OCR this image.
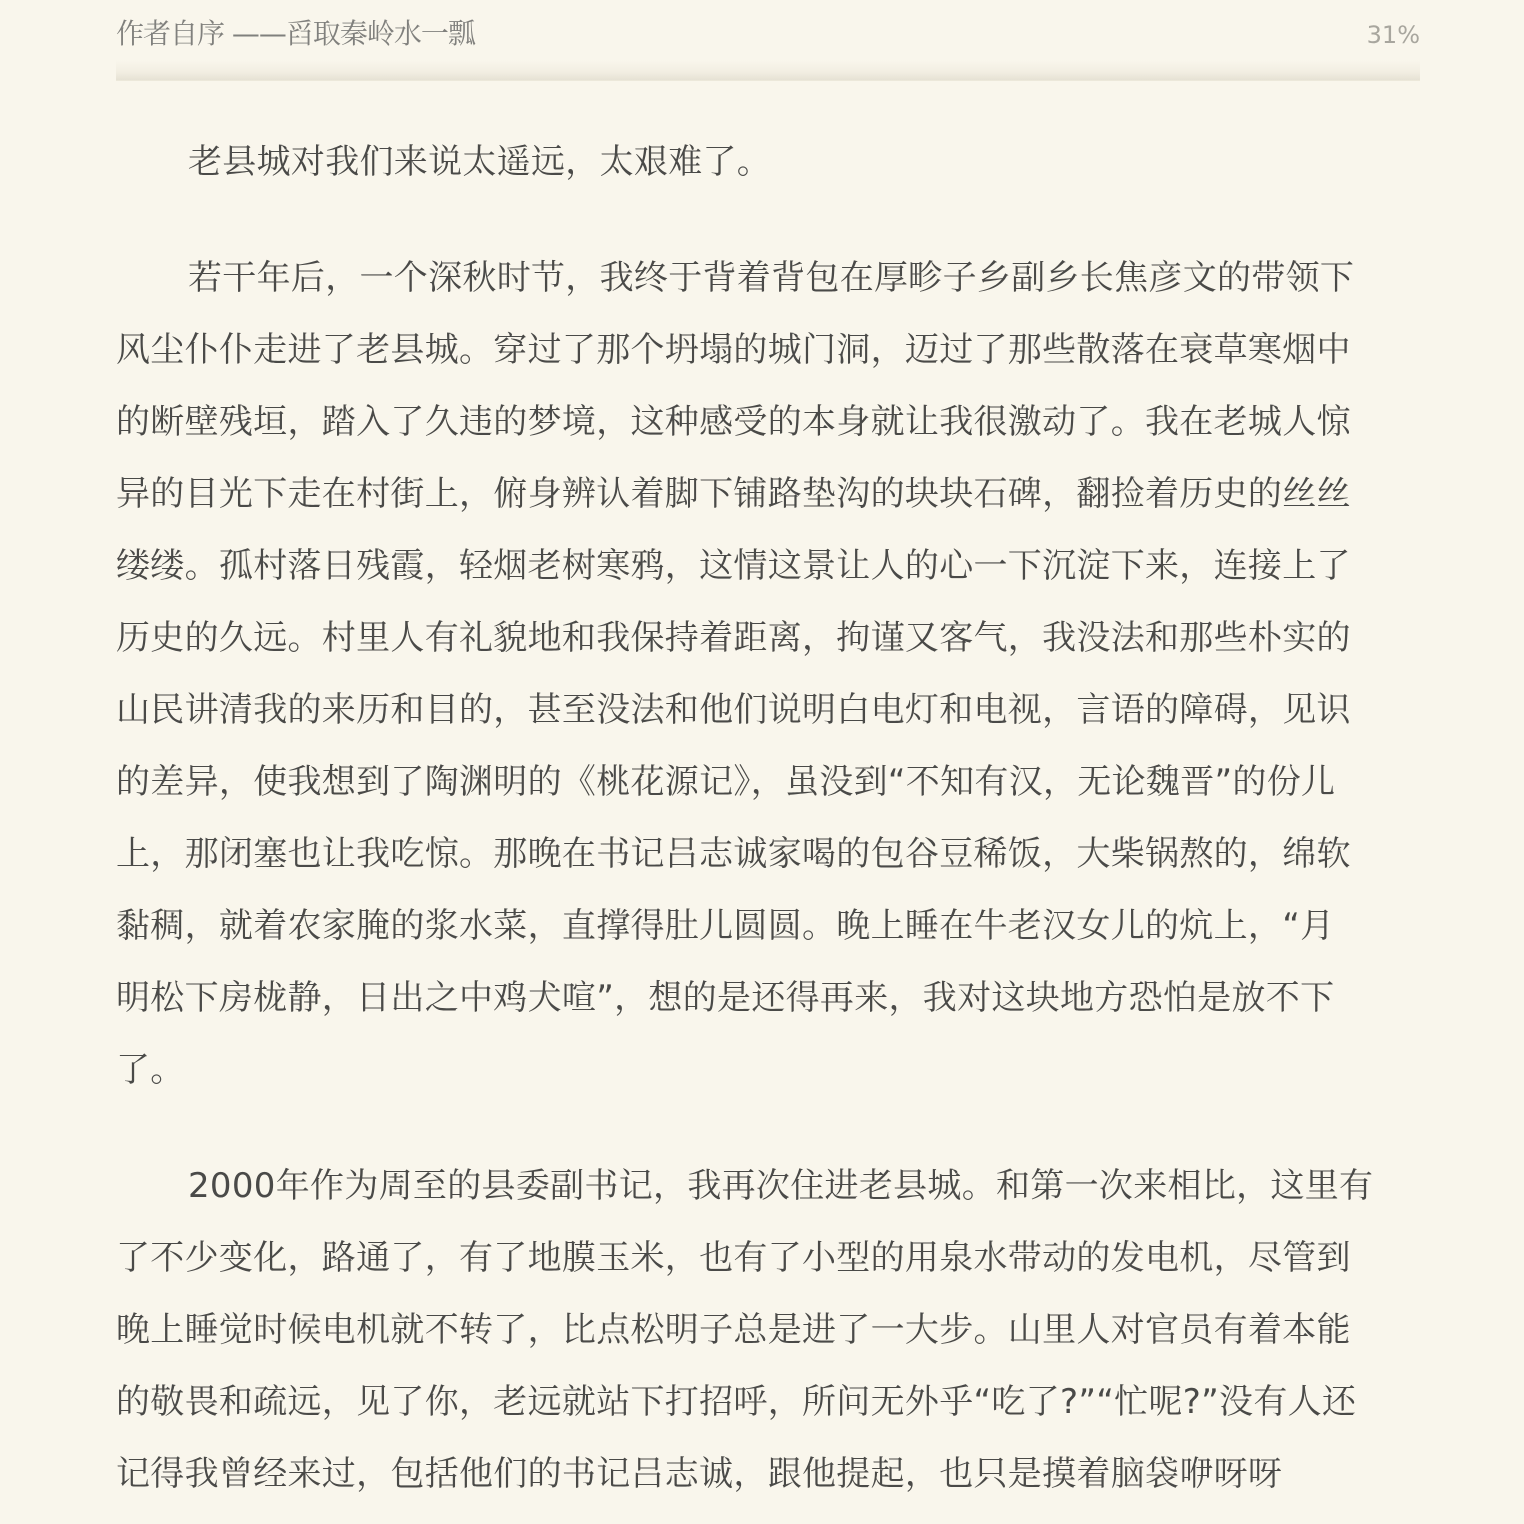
作者自序 ——舀取秦岭水一瓢	31%

老县城对我们来说太遥远，太艰难了。

若干年后，一个深秋时节，我终于背着背包在厚畛子乡副乡长焦彦文的带领下
风尘仆仆走进了老县城。穿过了那个坍塌的城门洞，迈过了那些散落在衰草寒烟中
的断壁残垣，踏入了久违的梦境，这种感受的本身就让我很激动了。我在老城人惊
异的目光下走在村街上，俯身辨认着脚下铺路垫沟的块块石碑，翻捡着历史的丝丝
缕缕。孤村落日残霞，轻烟老树寒鸦，这情这景让人的心一下沉淀下来，连接上了
历史的久远。村里人有礼貌地和我保持着距离，拘谨又客气，我没法和那些朴实的
山民讲清我的来历和目的，甚至没法和他们说明白电灯和电视，言语的障碍，见识
的差异，使我想到了陶渊明的《桃花源记》，虽没到“不知有汉，无论魏晋”的份儿
上，那闭塞也让我吃惊。那晚在书记吕志诚家喝的包谷豆稀饭，大柴锅熬的，绵软
黏稠，就着农家腌的浆水菜，直撑得肚儿圆圆。晚上睡在牛老汉女儿的炕上，“月
明松下房栊静，日出之中鸡犬喧”，想的是还得再来，我对这块地方恐怕是放不下
了。

2000年作为周至的县委副书记，我再次住进老县城。和第一次来相比，这里有
了不少变化，路通了，有了地膜玉米，也有了小型的用泉水带动的发电机，尽管到
晚上睡觉时候电机就不转了，比点松明子总是进了一大步。山里人对官员有着本能
的敬畏和疏远，见了你，老远就站下打招呼，所问无外乎“吃了?”“忙呢?”没有人还
记得我曾经来过，包括他们的书记吕志诚，跟他提起，也只是摸着脑袋咿呀呀
